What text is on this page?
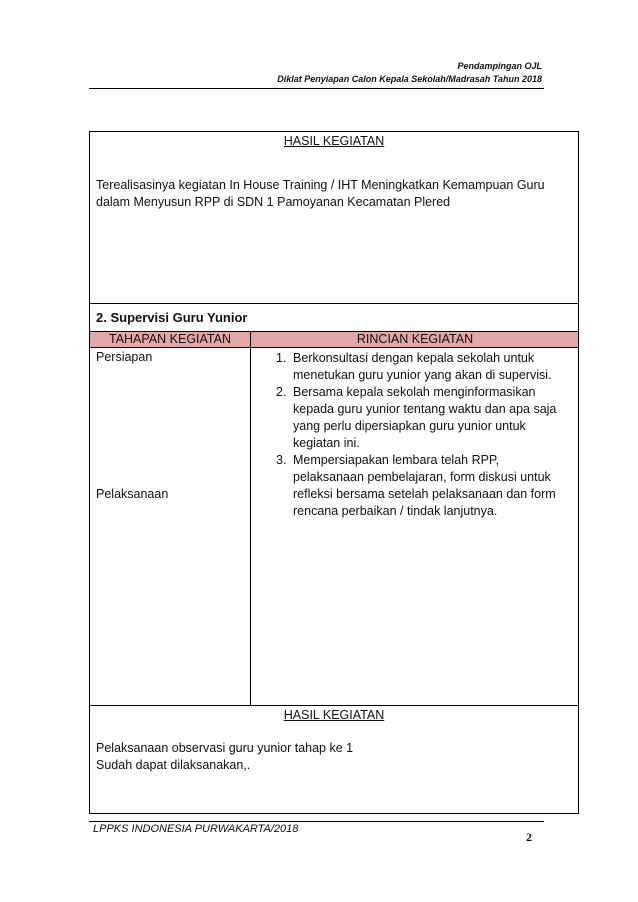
Pendampingan OJL
Diklat Penyiapan Calon Kepala Sekolah/Madrasah Tahun 2018
HASIL KEGIATAN

Terealisasinya kegiatan In House Training / IHT Meningkatkan Kemampuan Guru dalam Menyusun RPP di SDN 1 Pamoyanan Kecamatan Plered

2. Supervisi Guru Yunior
TAHAPAN KEGIATAN	RINCIAN KEGIATAN
Persiapan
Pelaksanaan
1. Berkonsultasi dengan kepala sekolah untuk menetukan guru yunior yang akan di supervisi.
2. Bersama kepala sekolah menginformasikan kepada guru yunior tentang waktu dan apa saja yang perlu dipersiapkan guru yunior untuk kegiatan ini.
3. Mempersiapakan lembara telah RPP, pelaksanaan pembelajaran, form diskusi untuk refleksi bersama setelah pelaksanaan dan form rencana perbaikan / tindak lanjutnya.
HASIL KEGIATAN

Pelaksanaan observasi guru yunior tahap ke 1

Sudah dapat dilaksanakan,.

LPPKS INDONESIA PURWAKARTA/2018
2
